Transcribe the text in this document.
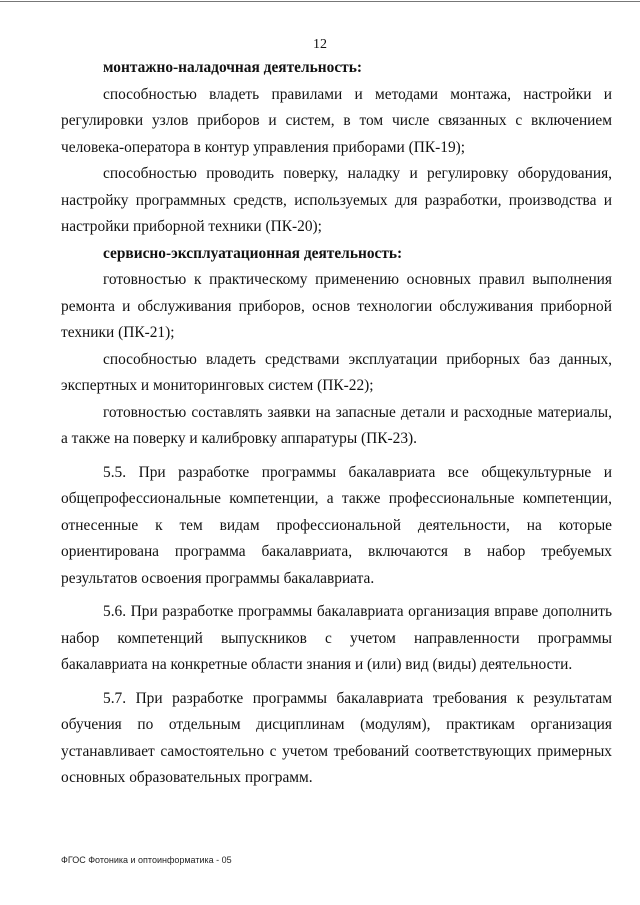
12

монтажно-наладочная деятельность:

способностью владеть правилами и методами монтажа, настройки и регулировки узлов приборов и систем, в том числе связанных с включением человека-оператора в контур управления приборами (ПК-19);

способностью проводить поверку, наладку и регулировку оборудования, настройку программных средств, используемых для разработки, производства и настройки приборной техники (ПК-20);

сервисно-эксплуатационная деятельность:

готовностью к практическому применению основных правил выполнения ремонта и обслуживания приборов, основ технологии обслуживания приборной техники (ПК-21);

способностью владеть средствами эксплуатации приборных баз данных, экспертных и мониторинговых систем (ПК-22);

готовностью составлять заявки на запасные детали и расходные материалы, а также на поверку и калибровку аппаратуры (ПК-23).

5.5. При разработке программы бакалавриата все общекультурные и общепрофессиональные компетенции, а также профессиональные компетенции, отнесенные к тем видам профессиональной деятельности, на которые ориентирована программа бакалавриата, включаются в набор требуемых результатов освоения программы бакалавриата.

5.6. При разработке программы бакалавриата организация вправе дополнить набор компетенций выпускников с учетом направленности программы бакалавриата на конкретные области знания и (или) вид (виды) деятельности.

5.7. При разработке программы бакалавриата требования к результатам обучения по отдельным дисциплинам (модулям), практикам организация устанавливает самостоятельно с учетом требований соответствующих примерных основных образовательных программ.

ФГОС Фотоника и оптоинформатика - 05
